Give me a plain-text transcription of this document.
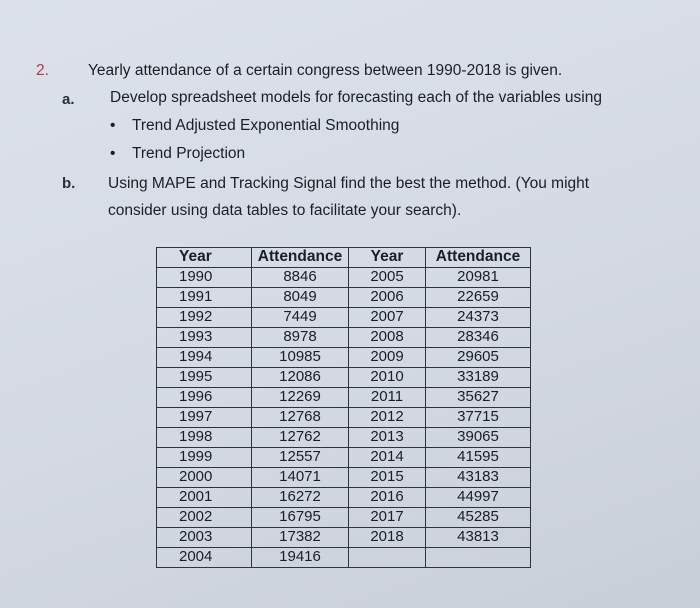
2.	Yearly attendance of a certain congress between 1990-2018 is given.
a. Develop spreadsheet models for forecasting each of the variables using
• Trend Adjusted Exponential Smoothing
• Trend Projection
b. Using MAPE and Tracking Signal find the best the method. (You might
consider using data tables to facilitate your search).
Year	Attendance	Year	Attendance
1990	8846	2005	20981
1991	8049	2006	22659
1992	7449	2007	24373
1993	8978	2008	28346
1994	10985	2009	29605
1995	12086	2010	33189
1996	12269	2011	35627
1997	12768	2012	37715
1998	12762	2013	39065
1999	12557	2014	41595
2000	14071	2015	43183
2001	16272	2016	44997
2002	16795	2017	45285
2003	17382	2018	43813
2004	19416		
